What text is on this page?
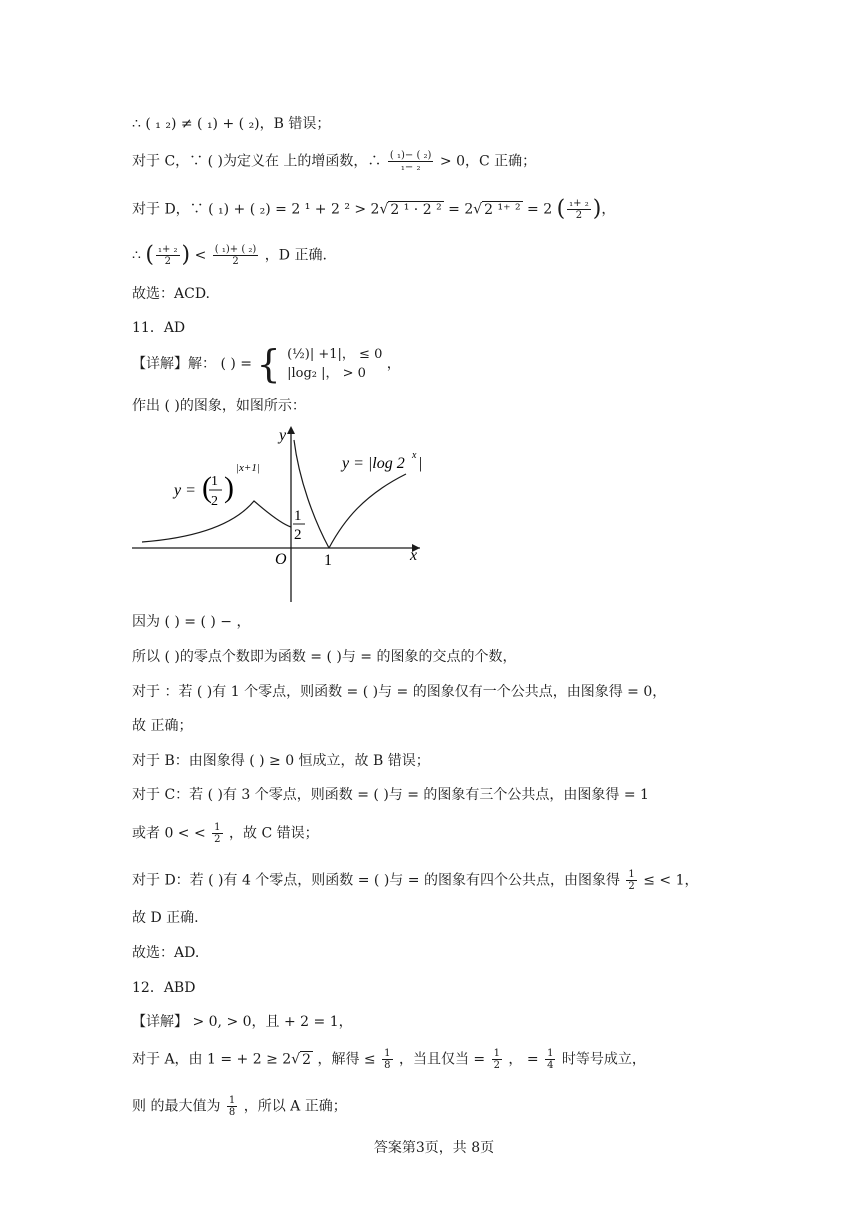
∴ ( ₁ ₂) ≠ ( ₁) + ( ₂)，B 错误；
对于 C，∵ ( )为定义在 上的增函数，∴ $\frac{\text{( ₁)− ( ₂)}}{\text{₁− ₂}} > 0$，C 正确；
对于 D，∵ ( ₁) + ( ₂) = 2 ¹ + 2 ² > 2√ 2 ¹ · 2 ² = 2√ 2 ¹⁺ ² = 2 ( $\frac{\text{₁+ ₂}}{2}$ )，
∴ ( $\frac{\text{₁+ ₂}}{2}$ ) < $\frac{\text{( ₁)+ ( ₂)}}{2}$ ，D 正确.
故选：ACD.
11．AD
【详解】解： ( ) = { (½)| +1|， ≤ 0
|log₂ |， > 0
，
作出 ( )的图象，如图所示：
y
x
O 1
1
2
y = ( 1
2 )
|x+1|	y = |log 2 x |
因为 ( ) = ( ) − ，
所以 ( )的零点个数即为函数 = ( )与 = 的图象的交点的个数，
对于 ：若 ( )有 1 个零点，则函数 = ( )与 = 的图象仅有一个公共点，由图象得 = 0，
故 正确；
对于 B：由图象得 ( ) ≥ 0 恒成立，故 B 错误；
对于 C：若 ( )有 3 个零点，则函数 = ( )与 = 的图象有三个公共点，由图象得 = 1
或者 0 < < $\frac{1}{2}$ ，故 C 错误；
对于 D：若 ( )有 4 个零点，则函数 = ( )与 = 的图象有四个公共点，由图象得 $\frac{1}{2}$ ≤ < 1，
故 D 正确.
故选：AD.
12．ABD
【详解】 > 0, > 0，且 + 2 = 1，
对于 A，由 1 = + 2 ≥ 2√ 2 ，解得 ≤ $\frac{1}{8}$ ，当且仅当 = $\frac{1}{2}$ ， = $\frac{1}{4}$ 时等号成立，
则 的最大值为 $\frac{1}{8}$ ，所以 A 正确；
答案第3页，共 8页
